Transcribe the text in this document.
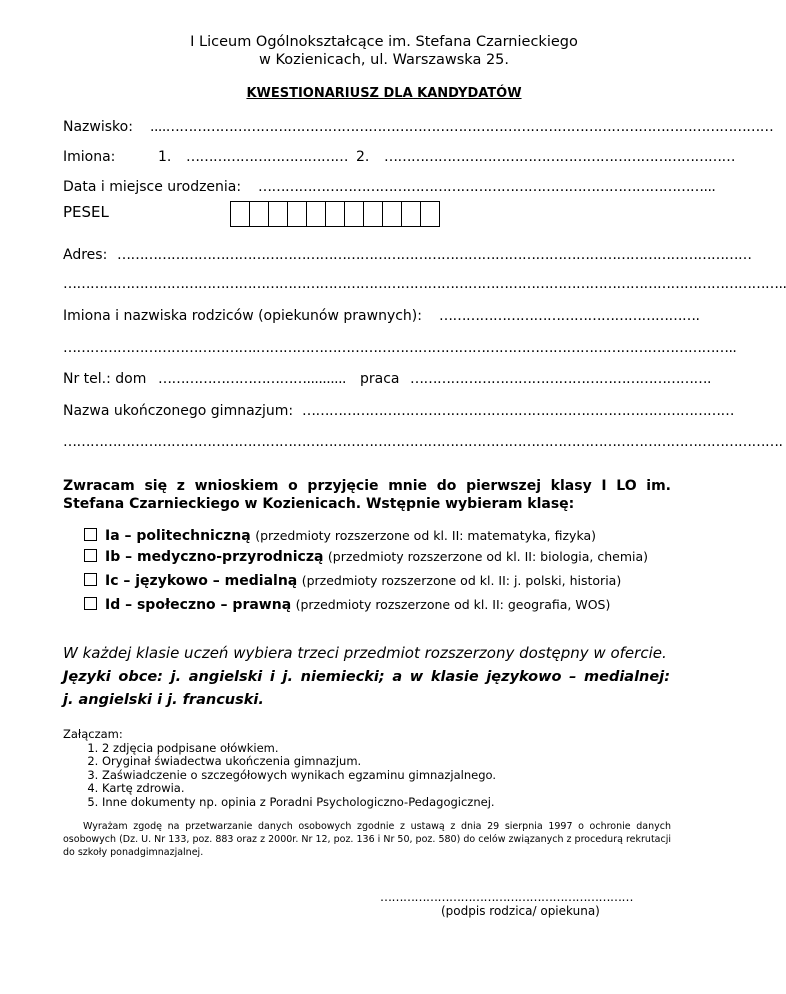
I Liceum Ogólnokształcące im. Stefana Czarnieckiego
w Kozienicach, ul. Warszawska 25.
KWESTIONARIUSZ DLA KANDYDATÓW
Nazwisko: ....………………………………………………………………………………………………………………………
Imiona:	1. ……………………………… 2. ……………………………………………………………………
Data i miejsce urodzenia: ………………………………………………………………………………………...
PESEL
Adres: ……………………………………………………………………………………………………………………………
……………………………………………………………………………………………………………………………………………..
Imiona i nazwiska rodziców (opiekunów prawnych): ………………………………………………….
…………………………………….……………………………………………………………………………………………..
Nr tel.: dom …………………………….......... praca ………………………………………………………….
Nazwa ukończonego gimnazjum: ……………………………………………………………………………………
…………………………………………………………………………………………………………………………………………….
Zwracam się z wnioskiem o przyjęcie mnie do pierwszej klasy I LO im. Stefana Czarnieckiego w Kozienicach. Wstępnie wybieram klasę:
Ia – politechniczną (przedmioty rozszerzone od kl. II: matematyka, fizyka)
Ib – medyczno-przyrodniczą (przedmioty rozszerzone od kl. II: biologia, chemia)
Ic – językowo – medialną (przedmioty rozszerzone od kl. II: j. polski, historia)
Id – społeczno – prawną (przedmioty rozszerzone od kl. II: geografia, WOS)
W każdej klasie uczeń wybiera trzeci przedmiot rozszerzony dostępny w ofercie.
Języki obce: j. angielski i j. niemiecki; a w klasie językowo – medialnej:
j. angielski i j. francuski.
Załączam:
1. 2 zdjęcia podpisane ołówkiem.
2. Oryginał świadectwa ukończenia gimnazjum.
3. Zaświadczenie o szczegółowych wynikach egzaminu gimnazjalnego.
4. Kartę zdrowia.
5. Inne dokumenty np. opinia z Poradni Psychologiczno-Pedagogicznej.
Wyrażam zgodę na przetwarzanie danych osobowych zgodnie z ustawą z dnia 29 sierpnia 1997 o ochronie danych osobowych (Dz. U. Nr 133, poz. 883 oraz z 2000r. Nr 12, poz. 136 i Nr 50, poz. 580) do celów związanych z procedurą rekrutacji do szkoły ponadgimnazjalnej.
…………………………………………………………
(podpis rodzica/ opiekuna)
